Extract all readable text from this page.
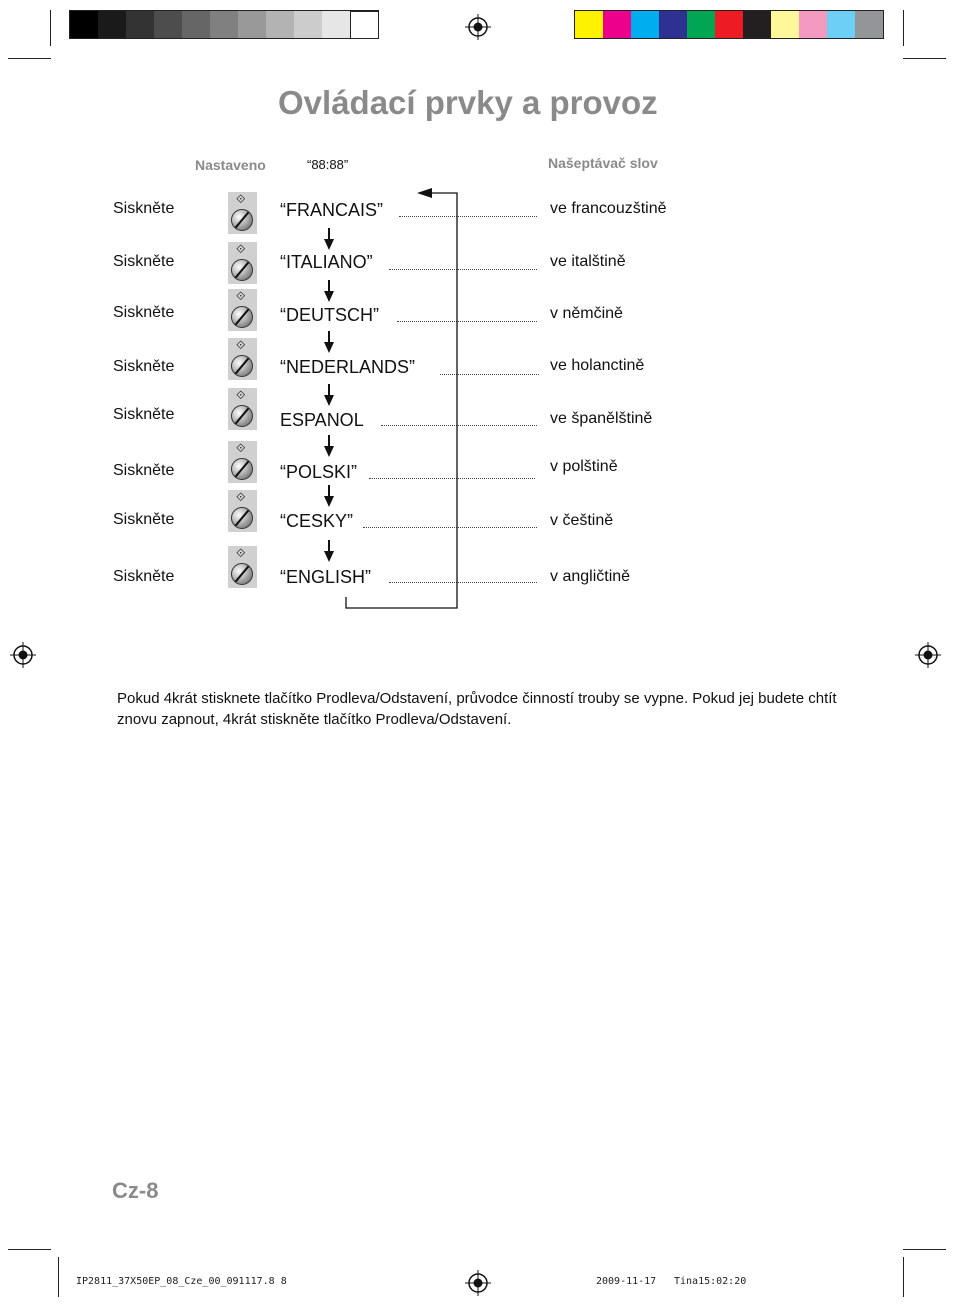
Ovládací prvky a provoz
Nastaveno	“88:88”	Našeptávač slov
Siskněte
⟐
“FRANCAIS”	ve francouzštině
Siskněte
⟐
“ITALIANO”	ve italštině
Siskněte
⟐
“DEUTSCH”	v němčině
Siskněte
⟐
“NEDERLANDS”	ve holanctině
Siskněte
⟐
ESPANOL	ve španělštině
Siskněte
⟐
“POLSKI”	v polštině
Siskněte
⟐
“CESKY”	v češtině
Siskněte
⟐
“ENGLISH”	v angličtině
Pokud 4krát stisknete tlačítko Prodleva/Odstavení, průvodce činností trouby se vypne. Pokud jej budete chtít znovu zapnout, 4krát stiskněte tlačítko Prodleva/Odstavení.
Cz-8
IP2811_37X50EP_08_Cze_00_091117.8 8	2009-11-17 Tina15:02:20
